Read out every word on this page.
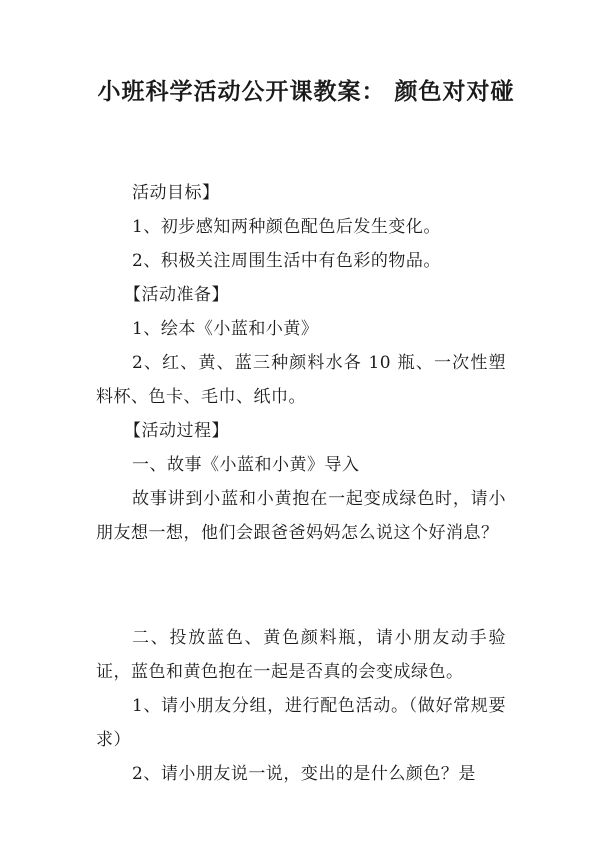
小班科学活动公开课教案： 颜色对对碰

活动目标】

1、初步感知两种颜色配色后发生变化。

2、积极关注周围生活中有色彩的物品。

【活动准备】

1、绘本《小蓝和小黄》

2、红、黄、蓝三种颜料水各 10 瓶、一次性塑料杯、色卡、毛巾、纸巾。

【活动过程】

一、故事《小蓝和小黄》导入

故事讲到小蓝和小黄抱在一起变成绿色时，请小朋友想一想，他们会跟爸爸妈妈怎么说这个好消息？

二、投放蓝色、黄色颜料瓶，请小朋友动手验证，蓝色和黄色抱在一起是否真的会变成绿色。

1、请小朋友分组，进行配色活动。（做好常规要求）

2、请小朋友说一说，变出的是什么颜色？是
